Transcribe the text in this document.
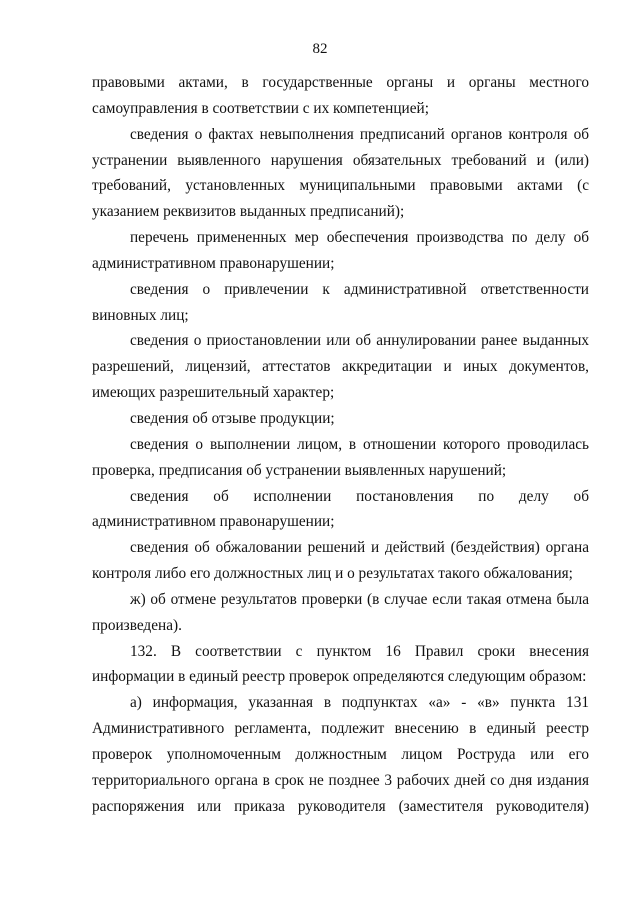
82

правовыми актами, в государственные органы и органы местного самоуправления в соответствии с их компетенцией;

сведения о фактах невыполнения предписаний органов контроля об устранении выявленного нарушения обязательных требований и (или) требований, установленных муниципальными правовыми актами (с указанием реквизитов выданных предписаний);

перечень примененных мер обеспечения производства по делу об административном правонарушении;

сведения о привлечении к административной ответственности виновных лиц;

сведения о приостановлении или об аннулировании ранее выданных разрешений, лицензий, аттестатов аккредитации и иных документов, имеющих разрешительный характер;

сведения об отзыве продукции;

сведения о выполнении лицом, в отношении которого проводилась проверка, предписания об устранении выявленных нарушений;

сведения об исполнении постановления по делу об административном правонарушении;

сведения об обжаловании решений и действий (бездействия) органа контроля либо его должностных лиц и о результатах такого обжалования;

ж) об отмене результатов проверки (в случае если такая отмена была произведена).

132. В соответствии с пунктом 16 Правил сроки внесения информации в единый реестр проверок определяются следующим образом:

а) информация, указанная в подпунктах «а» - «в» пункта 131 Административного регламента, подлежит внесению в единый реестр проверок уполномоченным должностным лицом Роструда или его территориального органа в срок не позднее 3 рабочих дней со дня издания распоряжения или приказа руководителя (заместителя руководителя)
